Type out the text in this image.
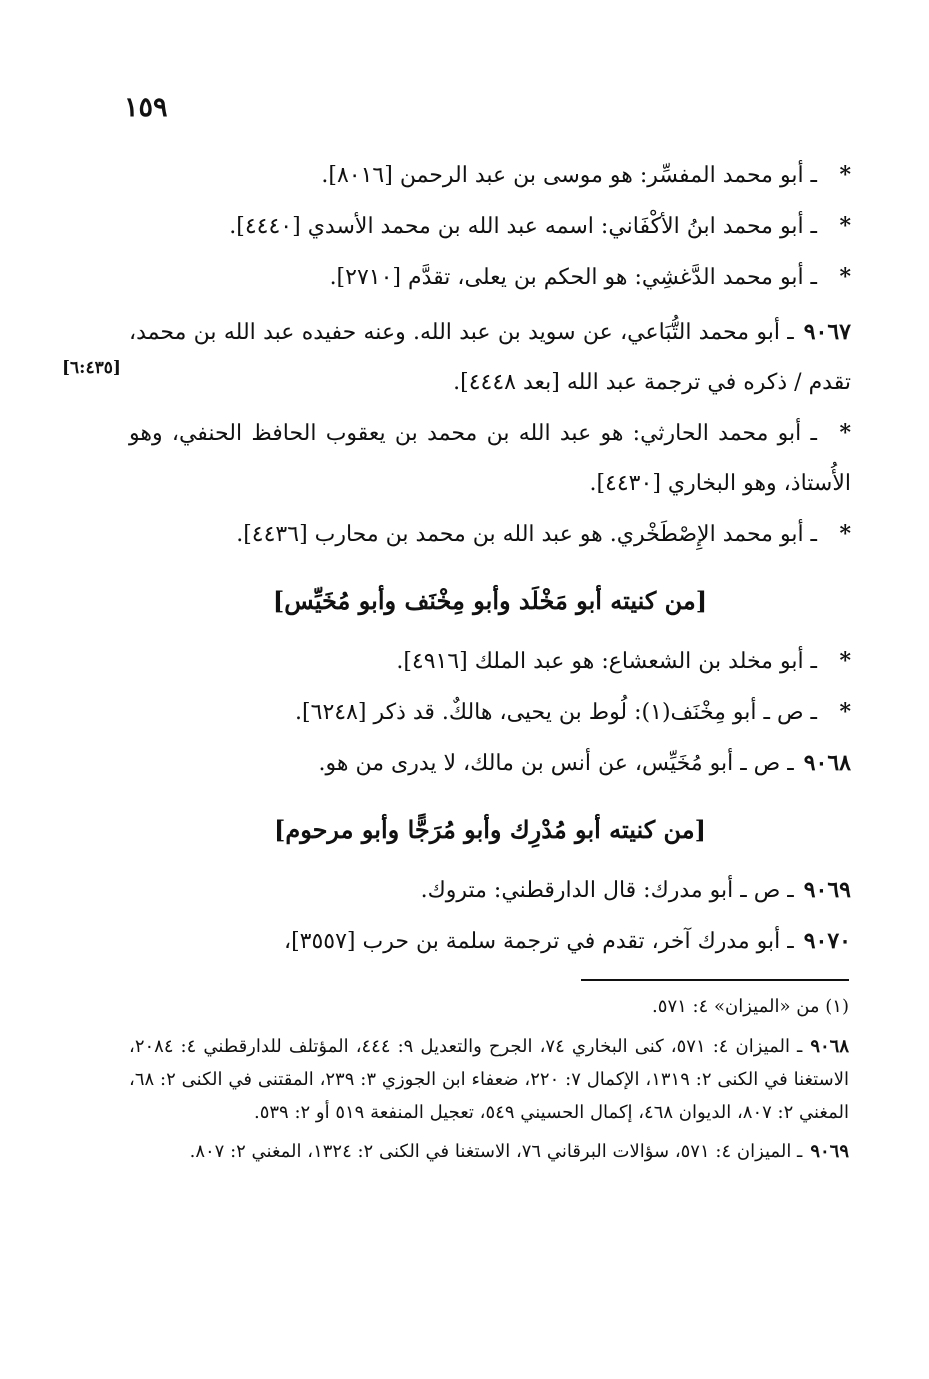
١٥٩
[٦:٤٣٥]

*ـ أبو محمد المفسِّر: هو موسى بن عبد الرحمن [٨٠١٦].

*ـ أبو محمد ابنُ الأكْفَاني: اسمه عبد الله بن محمد الأسدي [٤٤٤٠].

*ـ أبو محمد الدَّغشِي: هو الحكم بن يعلى، تقدَّم [٢٧١٠].

٩٠٦٧ـ أبو محمد التُّبَاعي، عن سويد بن عبد الله. وعنه حفيده عبد الله بن محمد، تقدم / ذكره في ترجمة عبد الله [بعد ٤٤٤٨].

*ـ أبو محمد الحارثي: هو عبد الله بن محمد بن يعقوب الحافظ الحنفي، وهو الأُستاذ، وهو البخاري [٤٤٣٠].

*ـ أبو محمد الإِصْطَخْري. هو عبد الله بن محمد بن محارب [٤٤٣٦].

[من كنيته أبو مَخْلَد وأبو مِخْنَف وأبو مُخَيِّس]

*ـ أبو مخلد بن الشعشاع: هو عبد الملك [٤٩١٦].

*ـ ص ـ أبو مِخْنَف(١): لُوط بن يحيى، هالكٌ. قد ذكر [٦٢٤٨].

٩٠٦٨ـ ص ـ أبو مُخَيِّس، عن أنس بن مالك، لا يدرى من هو.

[من كنيته أبو مُدْرِك وأبو مُرَجًّا وأبو مرحوم]

٩٠٦٩ـ ص ـ أبو مدرك: قال الدارقطني: متروك.

٩٠٧٠ـ أبو مدرك آخر، تقدم في ترجمة سلمة بن حرب [٣٥٥٧]،

(١) من «الميزان» ٤: ٥٧١.

٩٠٦٨ـ الميزان ٤: ٥٧١، كنى البخاري ٧٤، الجرح والتعديل ٩: ٤٤٤، المؤتلف للدارقطني ٤: ٢٠٨٤، الاستغنا في الكنى ٢: ١٣١٩، الإكمال ٧: ٢٢٠، ضعفاء ابن الجوزي ٣: ٢٣٩، المقتنى في الكنى ٢: ٦٨، المغني ٢: ٨٠٧، الديوان ٤٦٨، إكمال الحسيني ٥٤٩، تعجيل المنفعة ٥١٩ أو ٢: ٥٣٩.

٩٠٦٩ـ الميزان ٤: ٥٧١، سؤالات البرقاني ٧٦، الاستغنا في الكنى ٢: ١٣٢٤، المغني ٢: ٨٠٧.
